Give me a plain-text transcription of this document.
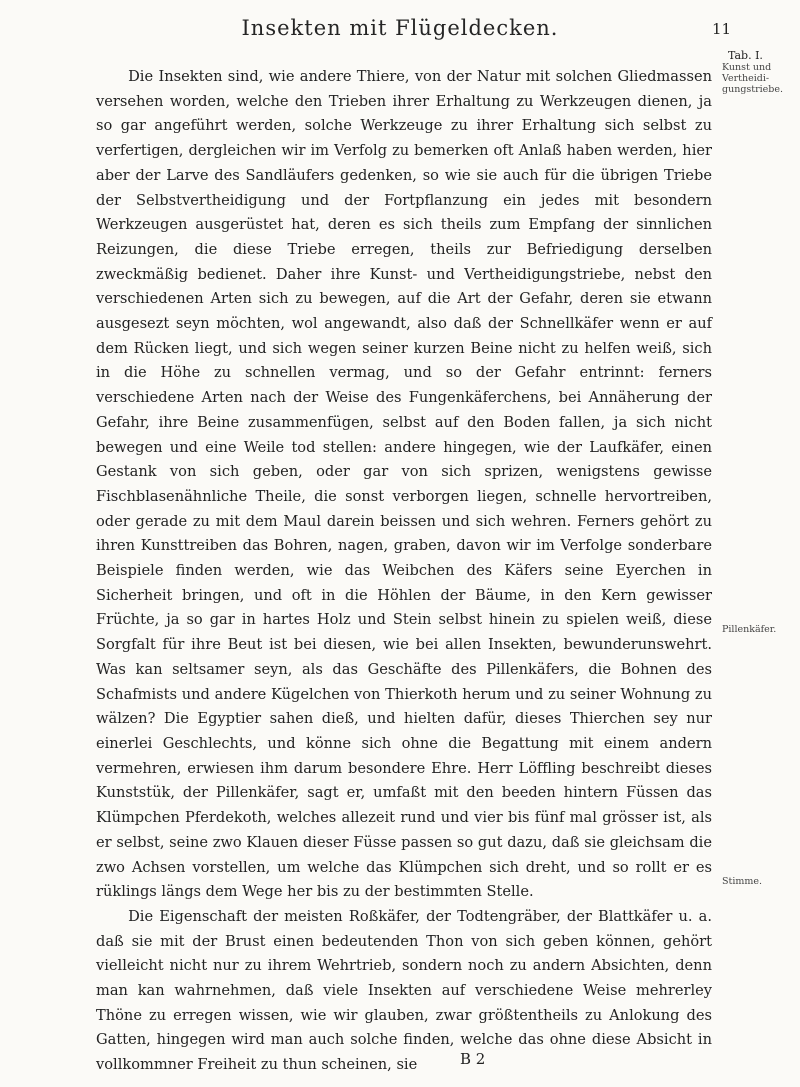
Insekten mit Flügeldecken.	11
Tab. I.

Die Insekten sind, wie andere Thiere, von der Natur mit solchen Gliedmassen versehen worden, welche den Trieben ihrer Erhaltung zu Werkzeugen dienen, ja so gar angeführt werden, solche Werkzeuge zu ihrer Erhaltung sich selbst zu verfertigen, dergleichen wir im Verfolg zu bemerken oft Anlaß haben werden, hier aber der Larve des Sandläufers gedenken, so wie sie auch für die übrigen Triebe der Selbstvertheidigung und der Fortpflanzung ein jedes mit besondern Werkzeugen ausgerüstet hat, deren es sich theils zum Empfang der sinnlichen Reizungen, die diese Triebe erregen, theils zur Befriedigung derselben zweckmäßig bedienet. Daher ihre Kunst- und Vertheidigungstriebe, nebst den verschiedenen Arten sich zu bewegen, auf die Art der Gefahr, deren sie etwann ausgesezt seyn möchten, wol angewandt, also daß der Schnellkäfer wenn er auf dem Rücken liegt, und sich wegen seiner kurzen Beine nicht zu helfen weiß, sich in die Höhe zu schnellen vermag, und so der Gefahr entrinnt: ferners verschiedene Arten nach der Weise des Fungenkäferchens, bei Annäherung der Gefahr, ihre Beine zusammenfügen, selbst auf den Boden fallen, ja sich nicht bewegen und eine Weile tod stellen: andere hingegen, wie der Laufkäfer, einen Gestank von sich geben, oder gar von sich sprizen, wenigstens gewisse Fischblasenähnliche Theile, die sonst verborgen liegen, schnelle hervortreiben, oder gerade zu mit dem Maul darein beissen und sich wehren. Ferners gehört zu ihren Kunsttreiben das Bohren, nagen, graben, davon wir im Verfolge sonderbare Beispiele finden werden, wie das Weibchen des Käfers seine Eyerchen in Sicherheit bringen, und oft in die Höhlen der Bäume, in den Kern gewisser Früchte, ja so gar in hartes Holz und Stein selbst hinein zu spielen weiß, diese Sorgfalt für ihre Beut ist bei diesen, wie bei allen Insekten, bewunderunswehrt. Was kan seltsamer seyn, als das Geschäfte des Pillenkäfers, die Bohnen des Schafmists und andere Kügelchen von Thierkoth herum und zu seiner Wohnung zu wälzen? Die Egyptier sahen dieß, und hielten dafür, dieses Thierchen sey nur einerlei Geschlechts, und könne sich ohne die Begattung mit einem andern vermehren, erwiesen ihm darum besondere Ehre. Herr Löffling beschreibt dieses Kunststük, der Pillenkäfer, sagt er, umfaßt mit den beeden hintern Füssen das Klümpchen Pferdekoth, welches allezeit rund und vier bis fünf mal grösser ist, als er selbst, seine zwo Klauen dieser Füsse passen so gut dazu, daß sie gleichsam die zwo Achsen vorstellen, um welche das Klümpchen sich dreht, und so rollt er es rüklings längs dem Wege her bis zu der bestimmten Stelle.

Die Eigenschaft der meisten Roßkäfer, der Todtengräber, der Blattkäfer u. a. daß sie mit der Brust einen bedeutenden Thon von sich geben können, gehört vielleicht nicht nur zu ihrem Wehrtrieb, sondern noch zu andern Absichten, denn man kan wahrnehmen, daß viele Insekten auf verschiedene Weise mehrerley Thöne zu erregen wissen, wie wir glauben, zwar größtentheils zu Anlokung des Gatten, hingegen wird man auch solche finden, welche das ohne diese Absicht in vollkommner Freiheit zu thun scheinen, sie

Kunst und Vertheidi-gungstriebe.
Pillenkäfer.
Stimme.
B 2
